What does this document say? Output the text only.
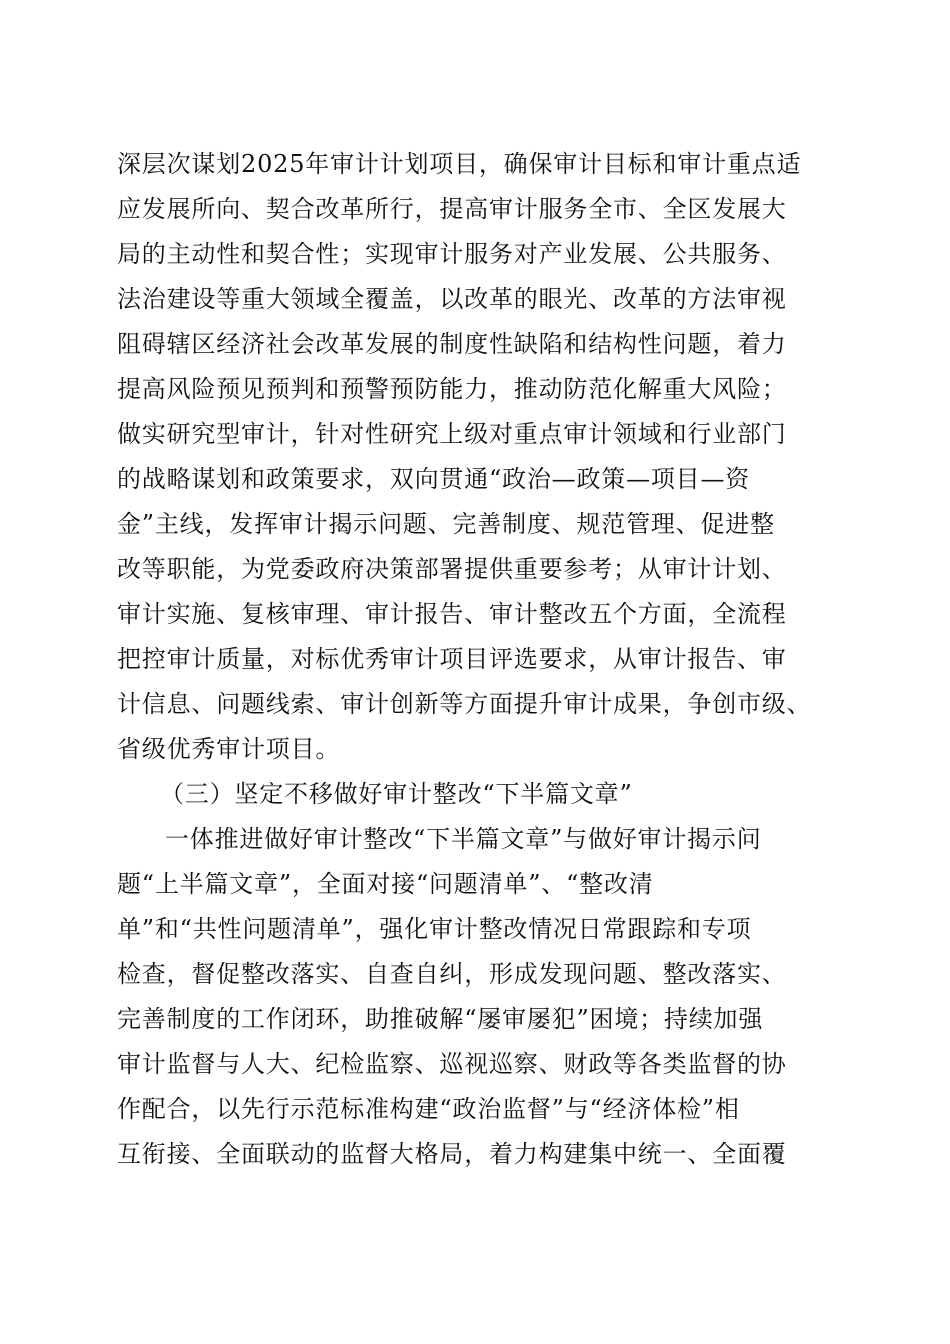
深层次谋划2025年审计计划项目，确保审计目标和审计重点适
应发展所向、契合改革所行，提高审计服务全市、全区发展大
局的主动性和契合性；实现审计服务对产业发展、公共服务、
法治建设等重大领域全覆盖，以改革的眼光、改革的方法审视
阻碍辖区经济社会改革发展的制度性缺陷和结构性问题，着力
提高风险预见预判和预警预防能力，推动防范化解重大风险；
做实研究型审计，针对性研究上级对重点审计领域和行业部门
的战略谋划和政策要求，双向贯通“政治—政策—项目—资
金”主线，发挥审计揭示问题、完善制度、规范管理、促进整
改等职能，为党委政府决策部署提供重要参考；从审计计划、
审计实施、复核审理、审计报告、审计整改五个方面，全流程
把控审计质量，对标优秀审计项目评选要求，从审计报告、审
计信息、问题线索、审计创新等方面提升审计成果，争创市级、
省级优秀审计项目。
（三）坚定不移做好审计整改“下半篇文章”
一体推进做好审计整改“下半篇文章”与做好审计揭示问
题“上半篇文章”，全面对接“问题清单”、“整改清
单”和“共性问题清单”，强化审计整改情况日常跟踪和专项
检查，督促整改落实、自查自纠，形成发现问题、整改落实、
完善制度的工作闭环，助推破解“屡审屡犯”困境；持续加强
审计监督与人大、纪检监察、巡视巡察、财政等各类监督的协
作配合，以先行示范标准构建“政治监督”与“经济体检”相
互衔接、全面联动的监督大格局，着力构建集中统一、全面覆
